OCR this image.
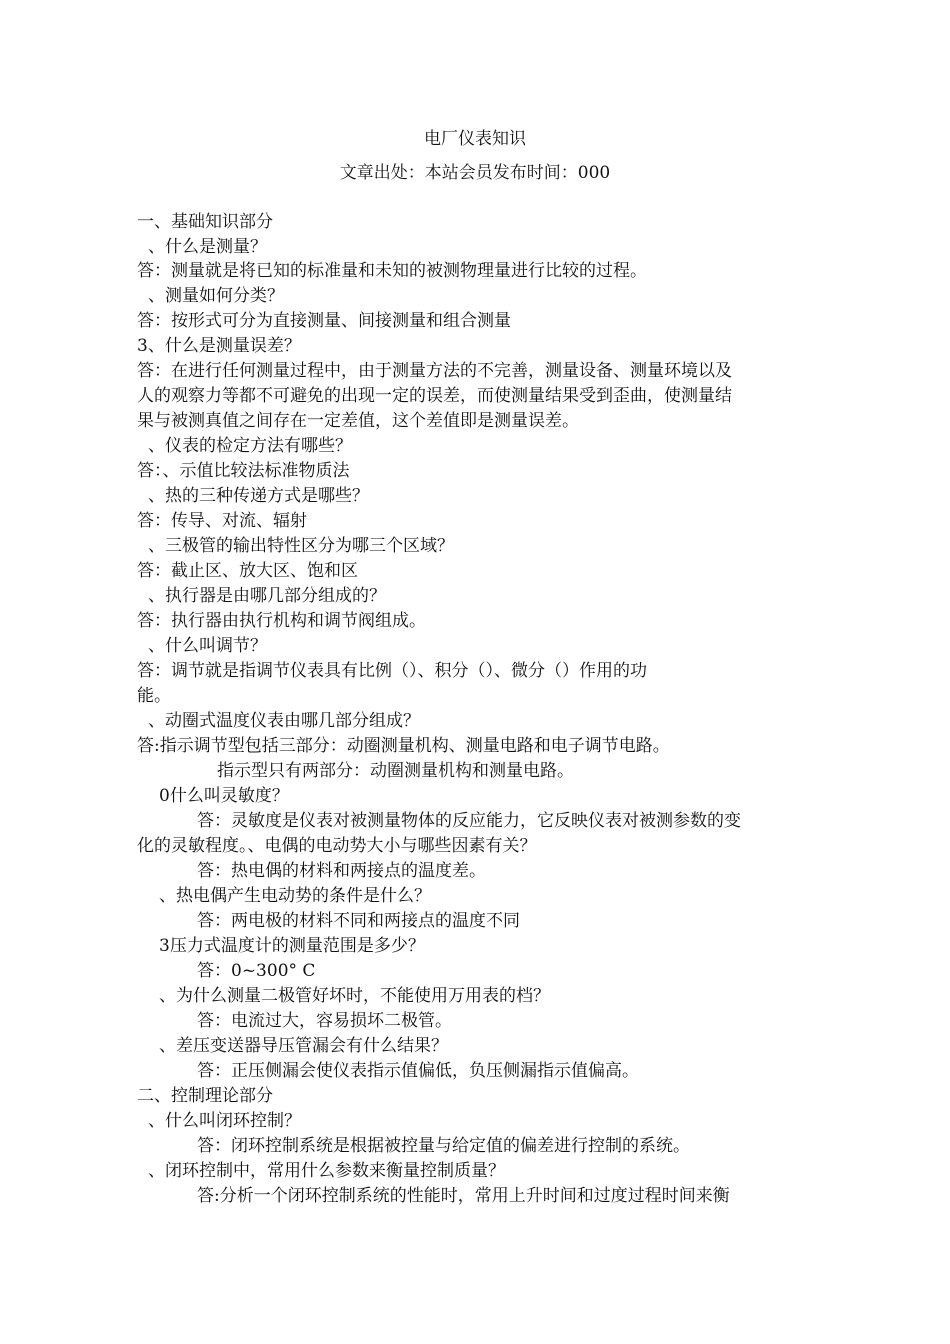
电厂仪表知识
文章出处：本站会员发布时间：000
一、基础知识部分
、什么是测量？
答：测量就是将已知的标准量和未知的被测物理量进行比较的过程。
、测量如何分类？
答：按形式可分为直接测量、间接测量和组合测量
3、什么是测量误差？
答：在进行任何测量过程中，由于测量方法的不完善，测量设备、测量环境以及
人的观察力等都不可避免的出现一定的误差，而使测量结果受到歪曲，使测量结
果与被测真值之间存在一定差值，这个差值即是测量误差。
、仪表的检定方法有哪些？
答：、示值比较法标准物质法
、热的三种传递方式是哪些？
答：传导、对流、辐射
、三极管的输出特性区分为哪三个区域？
答：截止区、放大区、饱和区
、执行器是由哪几部分组成的？
答：执行器由执行机构和调节阀组成。
、什么叫调节？
答：调节就是指调节仪表具有比例（）、积分（）、微分（）作用的功
能。
、动圈式温度仪表由哪几部分组成？
答:指示调节型包括三部分：动圈测量机构、测量电路和电子调节电路。
指示型只有两部分：动圈测量机构和测量电路。
0什么叫灵敏度？
答：灵敏度是仪表对被测量物体的反应能力，它反映仪表对被测参数的变
化的灵敏程度。、电偶的电动势大小与哪些因素有关？
答：热电偶的材料和两接点的温度差。
、热电偶产生电动势的条件是什么？
答：两电极的材料不同和两接点的温度不同
3压力式温度计的测量范围是多少？
答：0~300° C
、为什么测量二极管好坏时，不能使用万用表的档？
答：电流过大，容易损坏二极管。
、差压变送器导压管漏会有什么结果？
答：正压侧漏会使仪表指示值偏低，负压侧漏指示值偏高。
二、控制理论部分
、什么叫闭环控制？
答：闭环控制系统是根据被控量与给定值的偏差进行控制的系统。
、闭环控制中，常用什么参数来衡量控制质量？
答:分析一个闭环控制系统的性能时，常用上升时间和过度过程时间来衡
